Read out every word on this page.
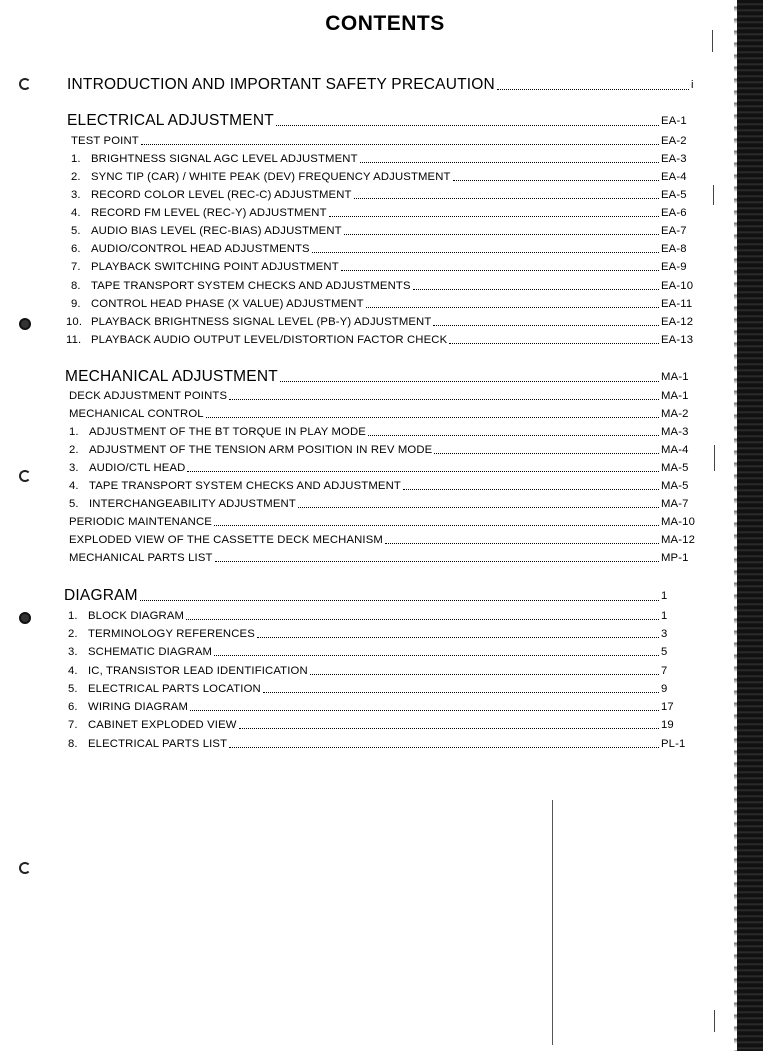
CONTENTS
INTRODUCTION AND IMPORTANT SAFETY PRECAUTION	i
ELECTRICAL ADJUSTMENT	EA-1
TEST POINT	EA-2
1. BRIGHTNESS SIGNAL AGC LEVEL ADJUSTMENT	EA-3
2. SYNC TIP (CAR) / WHITE PEAK (DEV) FREQUENCY ADJUSTMENT	EA-4
3. RECORD COLOR LEVEL (REC-C) ADJUSTMENT	EA-5
4. RECORD FM LEVEL (REC-Y) ADJUSTMENT	EA-6
5. AUDIO BIAS LEVEL (REC-BIAS) ADJUSTMENT	EA-7
6. AUDIO/CONTROL HEAD ADJUSTMENTS	EA-8
7. PLAYBACK SWITCHING POINT ADJUSTMENT	EA-9
8. TAPE TRANSPORT SYSTEM CHECKS AND ADJUSTMENTS	EA-10
9. CONTROL HEAD PHASE (X VALUE) ADJUSTMENT	EA-11
10. PLAYBACK BRIGHTNESS SIGNAL LEVEL (PB-Y) ADJUSTMENT	EA-12
11. PLAYBACK AUDIO OUTPUT LEVEL/DISTORTION FACTOR CHECK	EA-13
MECHANICAL ADJUSTMENT	MA-1
DECK ADJUSTMENT POINTS	MA-1
MECHANICAL CONTROL	MA-2
1. ADJUSTMENT OF THE BT TORQUE IN PLAY MODE	MA-3
2. ADJUSTMENT OF THE TENSION ARM POSITION IN REV MODE	MA-4
3. AUDIO/CTL HEAD	MA-5
4. TAPE TRANSPORT SYSTEM CHECKS AND ADJUSTMENT	MA-5
5. INTERCHANGEABILITY ADJUSTMENT	MA-7
PERIODIC MAINTENANCE	MA-10
EXPLODED VIEW OF THE CASSETTE DECK MECHANISM	MA-12
MECHANICAL PARTS LIST	MP-1
DIAGRAM	1
1. BLOCK DIAGRAM	1
2. TERMINOLOGY REFERENCES	3
3. SCHEMATIC DIAGRAM	5
4. IC, TRANSISTOR LEAD IDENTIFICATION	7
5. ELECTRICAL PARTS LOCATION	9
6. WIRING DIAGRAM	17
7. CABINET EXPLODED VIEW	19
8. ELECTRICAL PARTS LIST	PL-1
